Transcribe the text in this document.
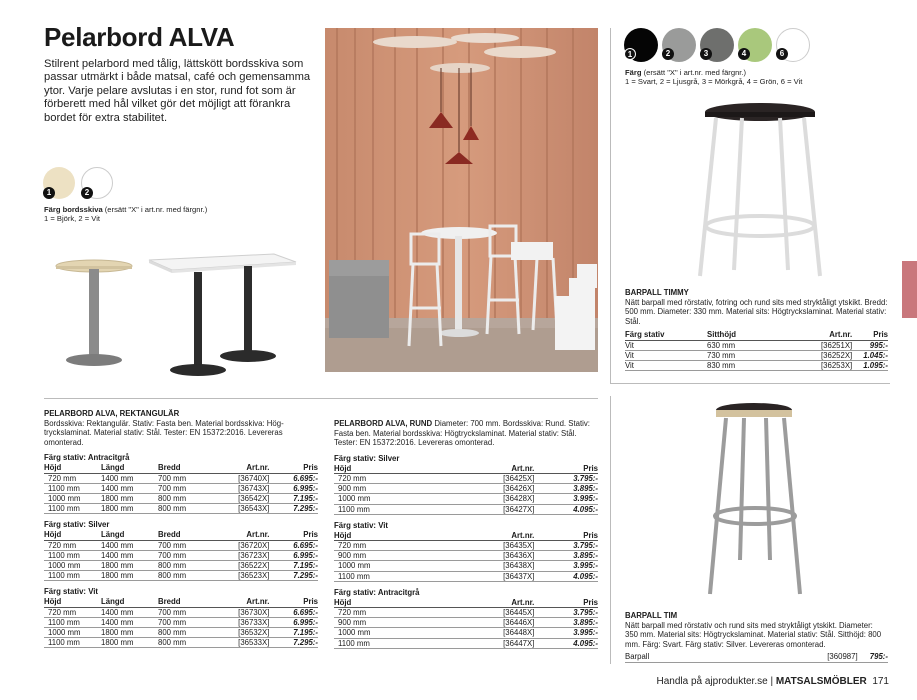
Pelarbord ALVA
Stilrent pelarbord med tålig, lättskött bordsskiva som passar utmärkt i både matsal, café och gemensamma ytor. Varje pelare avslutas i en stor, rund fot som är förberett med hål vilket gör det möjligt att förankra bordet för extra stabilitet.
1	2
Färg bordsskiva (ersätt "X" i art.nr. med färgnr.)
1 = Björk, 2 = Vit
1	2	3	4	6
Färg (ersätt "X" i art.nr. med färgnr.)
1 = Svart, 2 = Ljusgrå, 3 = Mörkgrå, 4 = Grön, 6 = Vit
BARPALL TIMMY
Nätt barpall med rörstativ, fotring och rund sits med stryktåligt ytskikt. Bredd: 500 mm. Diameter: 330 mm. Material sits: Högtryckslaminat. Material stativ: Stål.
Färg stativ	Sitthöjd	Art.nr.	Pris
Vit	630 mm	[36251X]	995:-
Vit	730 mm	[36252X]	1.045:-
Vit	830 mm	[36253X]	1.095:-
BARPALL TIM
Nätt barpall med rörstativ och rund sits med stryktåligt ytskikt. Diameter: 350 mm. Material sits: Högtryckslaminat. Material stativ: Stål. Sitthöjd: 800 mm. Färg: Svart. Färg stativ: Silver. Levereras omonterad.
Barpall	[360987]	795:-
PELARBORD ALVA, REKTANGULÄR
Bordsskiva: Rektangulär. Stativ: Fasta ben. Material bordsskiva: Högtryckslaminat. Material stativ: Stål. Tester: EN 15372:2016. Levereras omonterad.
Färg stativ: Antracitgrå
Höjd	Längd	Bredd	Art.nr.	Pris
720 mm	1400 mm	700 mm	[36740X]	6.695:-
1100 mm	1400 mm	700 mm	[36743X]	6.995:-
1000 mm	1800 mm	800 mm	[36542X]	7.195:-
1100 mm	1800 mm	800 mm	[36543X]	7.295:-
Färg stativ: Silver
Höjd	Längd	Bredd	Art.nr.	Pris
720 mm	1400 mm	700 mm	[36720X]	6.695:-
1100 mm	1400 mm	700 mm	[36723X]	6.995:-
1000 mm	1800 mm	800 mm	[36522X]	7.195:-
1100 mm	1800 mm	800 mm	[36523X]	7.295:-
Färg stativ: Vit
Höjd	Längd	Bredd	Art.nr.	Pris
720 mm	1400 mm	700 mm	[36730X]	6.695:-
1100 mm	1400 mm	700 mm	[36733X]	6.995:-
1000 mm	1800 mm	800 mm	[36532X]	7.195:-
1100 mm	1800 mm	800 mm	[36533X]	7.295:-
PELARBORD ALVA, RUND Diameter: 700 mm. Bordsskiva: Rund. Stativ: Fasta ben. Material bordsskiva: Högtryckslaminat. Material stativ: Stål. Tester: EN 15372:2016. Levereras omonterad.
Färg stativ: Silver
Höjd	Art.nr.	Pris
720 mm	[36425X]	3.795:-
900 mm	[36426X]	3.895:-
1000 mm	[36428X]	3.995:-
1100 mm	[36427X]	4.095:-
Färg stativ: Vit
Höjd	Art.nr.	Pris
720 mm	[36435X]	3.795:-
900 mm	[36436X]	3.895:-
1000 mm	[36438X]	3.995:-
1100 mm	[36437X]	4.095:-
Färg stativ: Antracitgrå
Höjd	Art.nr.	Pris
720 mm	[36445X]	3.795:-
900 mm	[36446X]	3.895:-
1000 mm	[36448X]	3.995:-
1100 mm	[36447X]	4.095:-
Handla på ajprodukter.se | MATSALSMÖBLER 171
